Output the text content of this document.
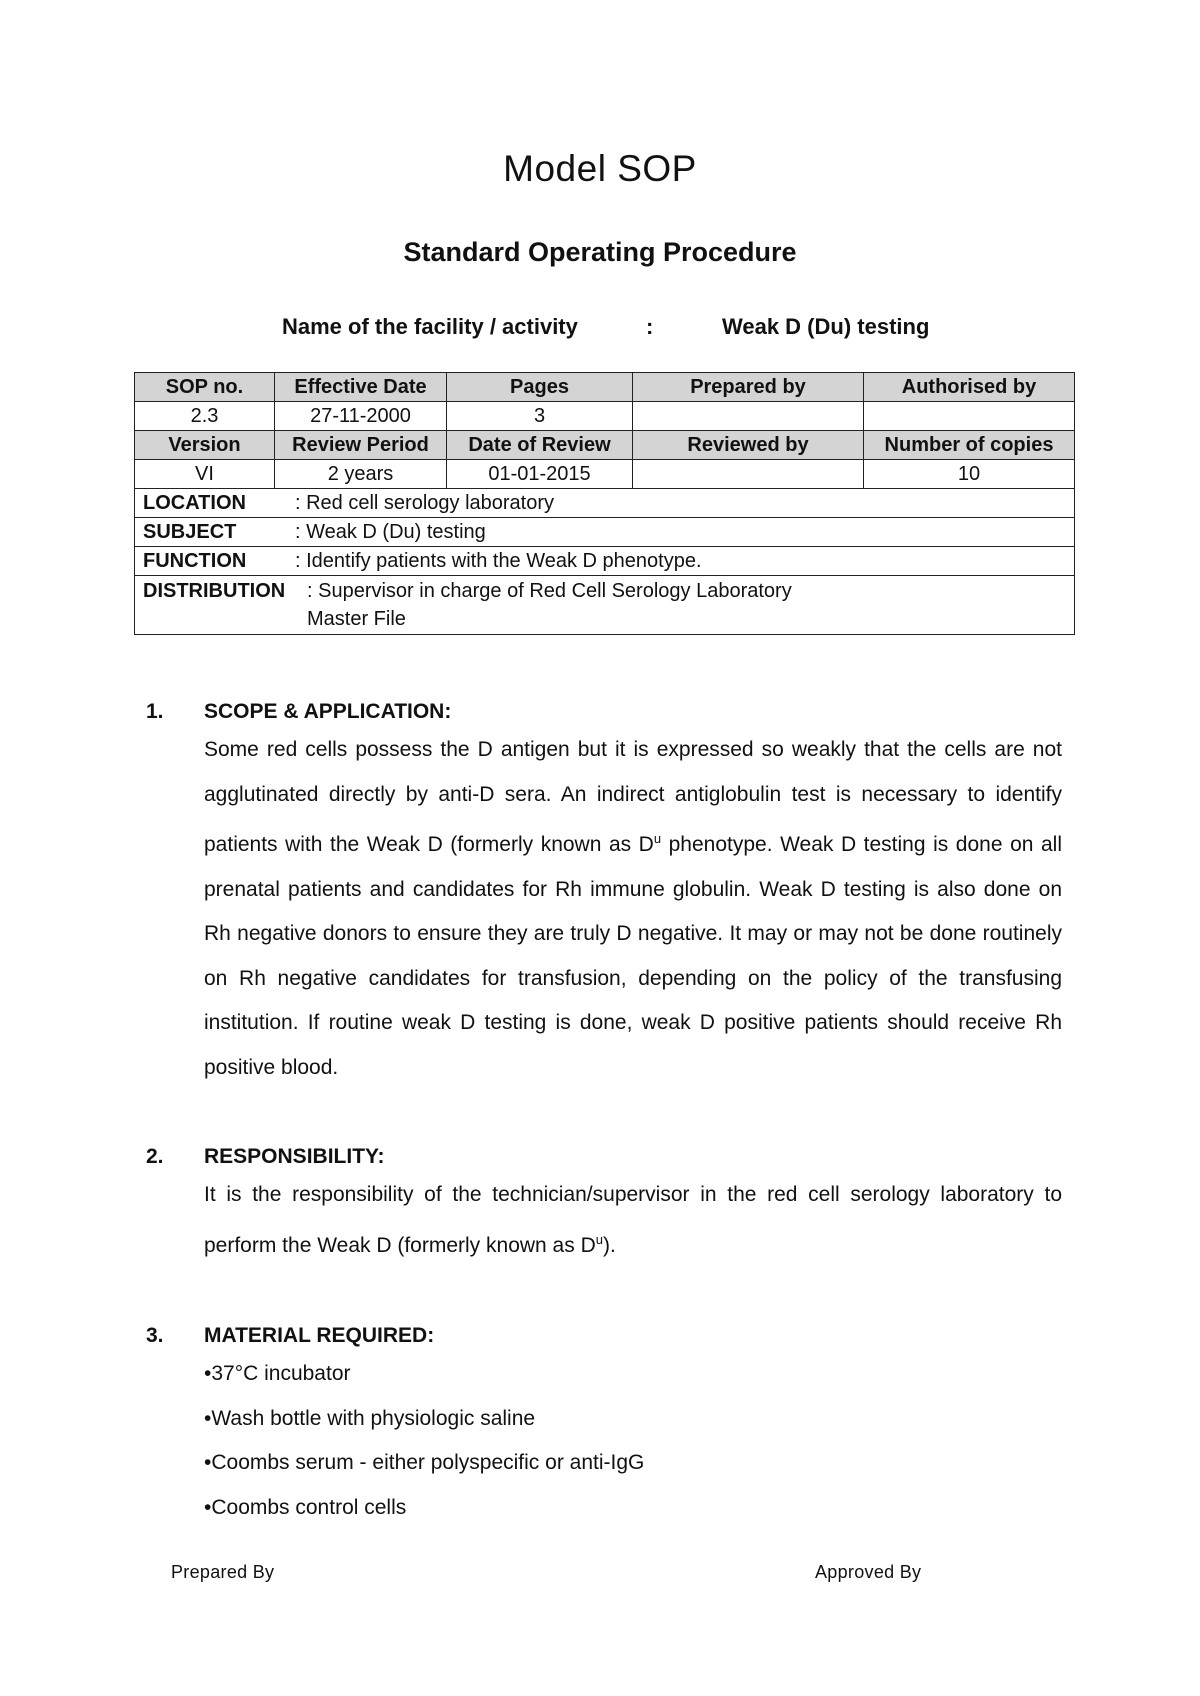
Model SOP
Standard Operating Procedure
Name of the facility / activity	:	Weak D (Du) testing
SOP no.	Effective Date	Pages	Prepared by	Authorised by
2.3	27-11-2000	3		
Version	Review Period	Date of Review	Reviewed by	Number of copies
VI	2 years	01-01-2015		10
LOCATION : Red cell serology laboratory				
SUBJECT : Weak D (Du) testing				
FUNCTION : Identify patients with the Weak D phenotype.				
DISTRIBUTION : Supervisor in charge of Red Cell Serology Laboratory
Master File				
1.	SCOPE & APPLICATION:
Some red cells possess the D antigen but it is expressed so weakly that the cells are not agglutinated directly by anti-D sera. An indirect antiglobulin test is necessary to identify patients with the Weak D (formerly known as $D^u$ phenotype. Weak D testing is done on all prenatal patients and candidates for Rh immune globulin. Weak D testing is also done on Rh negative donors to ensure they are truly D negative. It may or may not be done routinely on Rh negative candidates for transfusion, depending on the policy of the transfusing institution. If routine weak D testing is done, weak D positive patients should receive Rh positive blood.
2.	RESPONSIBILITY:
It is the responsibility of the technician/supervisor in the red cell serology laboratory to perform the Weak D (formerly known as $D^u$).
3.	MATERIAL REQUIRED:
•37°C incubator
•Wash bottle with physiologic saline
•Coombs serum - either polyspecific or anti-IgG
•Coombs control cells
Prepared By	Approved By
